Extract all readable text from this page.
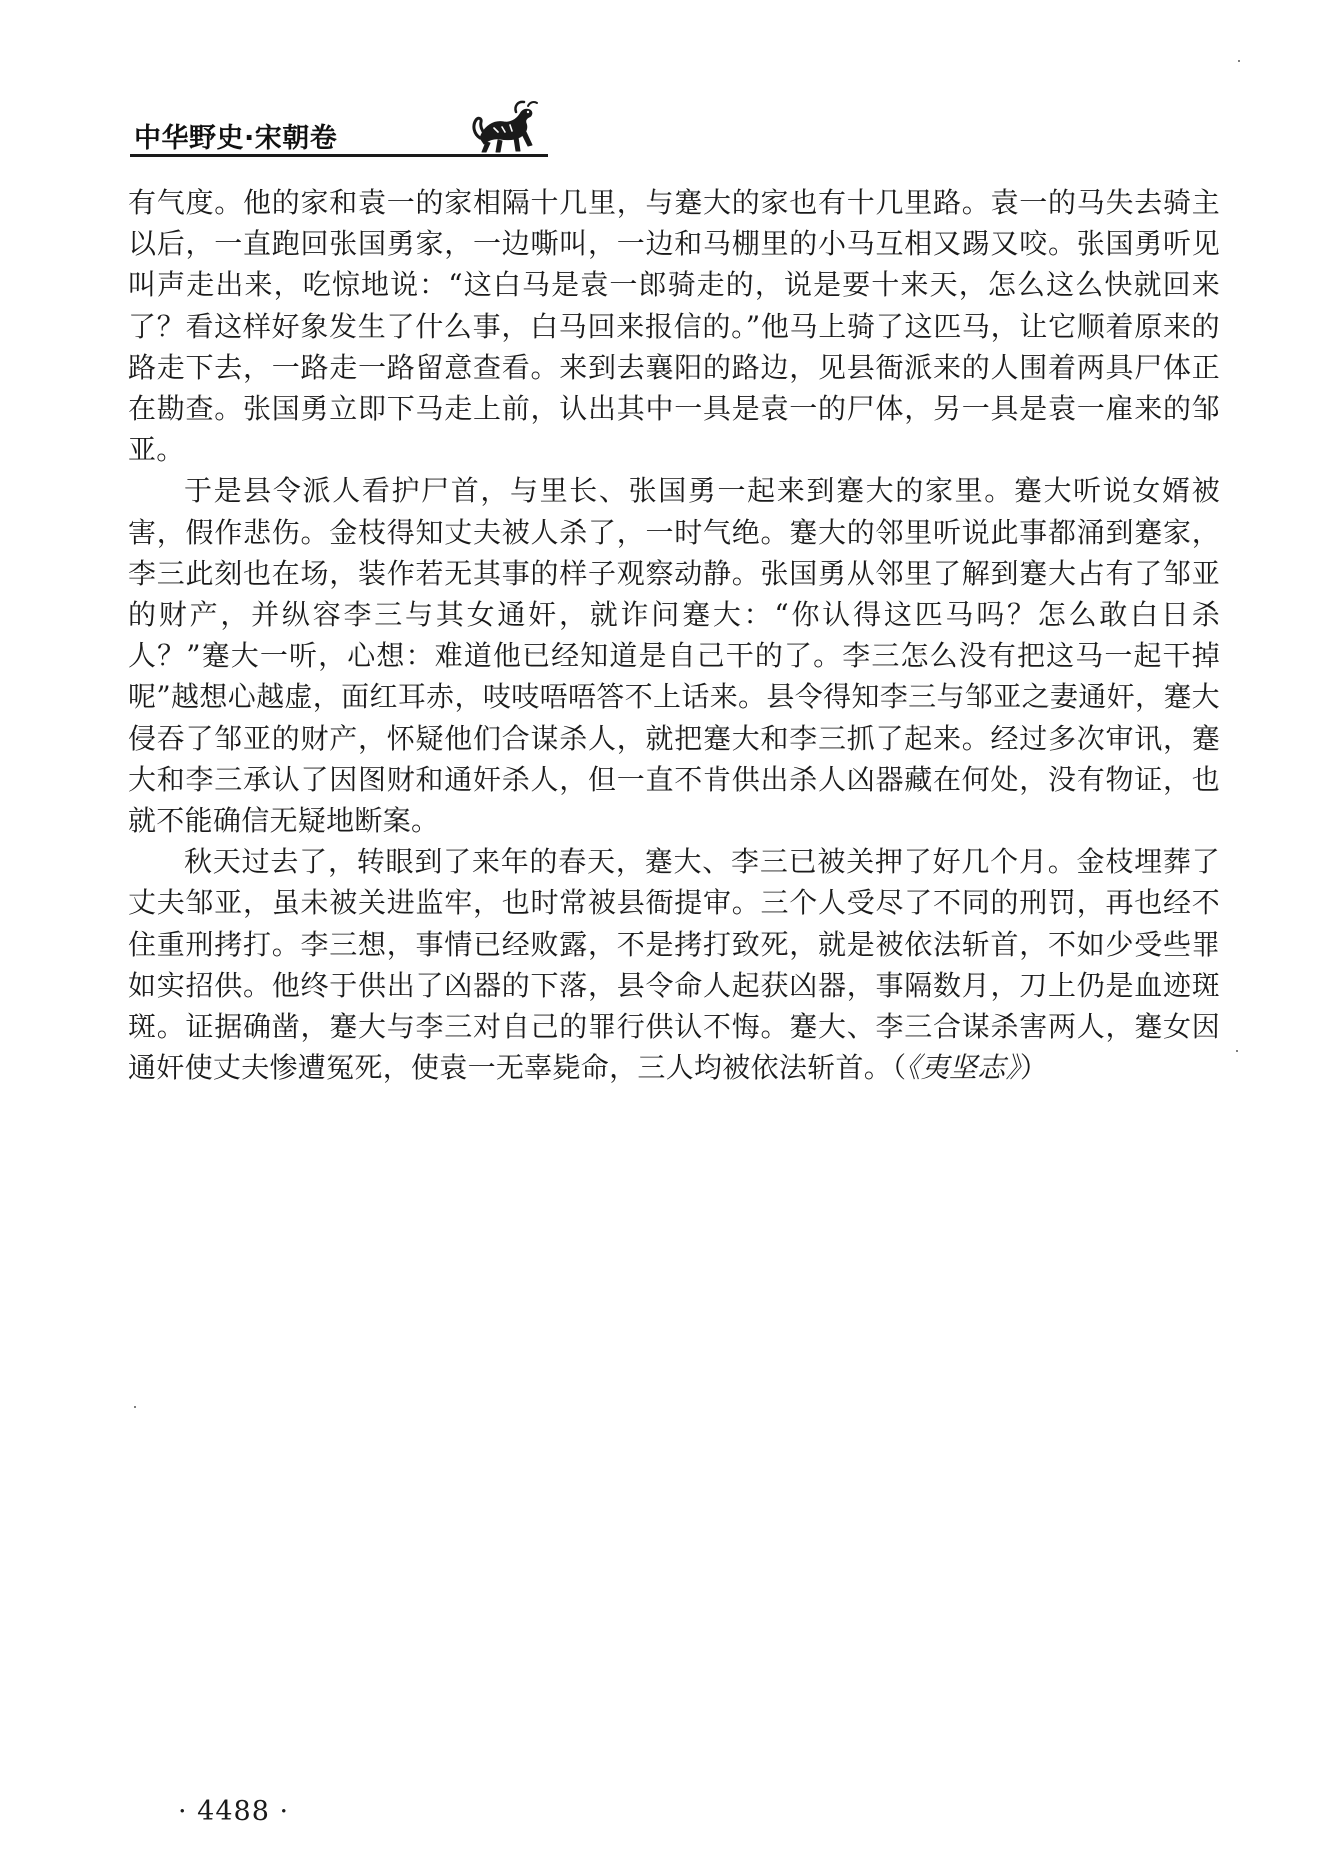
中华野史·宋朝卷

有气度。他的家和袁一的家相隔十几里，与蹇大的家也有十几里路。袁一的马失去骑主以后，一直跑回张国勇家，一边嘶叫，一边和马棚里的小马互相又踢又咬。张国勇听见叫声走出来，吃惊地说：“这白马是袁一郎骑走的，说是要十来天，怎么这么快就回来了？看这样好象发生了什么事，白马回来报信的。”他马上骑了这匹马，让它顺着原来的路走下去，一路走一路留意查看。来到去襄阳的路边，见县衙派来的人围着两具尸体正在勘查。张国勇立即下马走上前，认出其中一具是袁一的尸体，另一具是袁一雇来的邹亚。

于是县令派人看护尸首，与里长、张国勇一起来到蹇大的家里。蹇大听说女婿被害，假作悲伤。金枝得知丈夫被人杀了，一时气绝。蹇大的邻里听说此事都涌到蹇家，李三此刻也在场，装作若无其事的样子观察动静。张国勇从邻里了解到蹇大占有了邹亚的财产，并纵容李三与其女通奸，就诈问蹇大：“你认得这匹马吗？怎么敢白日杀人？”蹇大一听，心想：难道他已经知道是自己干的了。李三怎么没有把这马一起干掉呢”越想心越虚，面红耳赤，吱吱唔唔答不上话来。县令得知李三与邹亚之妻通奸，蹇大侵吞了邹亚的财产，怀疑他们合谋杀人，就把蹇大和李三抓了起来。经过多次审讯，蹇大和李三承认了因图财和通奸杀人，但一直不肯供出杀人凶器藏在何处，没有物证，也就不能确信无疑地断案。

秋天过去了，转眼到了来年的春天，蹇大、李三已被关押了好几个月。金枝埋葬了丈夫邹亚，虽未被关进监牢，也时常被县衙提审。三个人受尽了不同的刑罚，再也经不住重刑拷打。李三想，事情已经败露，不是拷打致死，就是被依法斩首，不如少受些罪如实招供。他终于供出了凶器的下落，县令命人起获凶器，事隔数月，刀上仍是血迹斑斑。证据确凿，蹇大与李三对自己的罪行供认不悔。蹇大、李三合谋杀害两人，蹇女因通奸使丈夫惨遭冤死，使袁一无辜毙命，三人均被依法斩首。（《夷坚志》）

· 4488 ·
